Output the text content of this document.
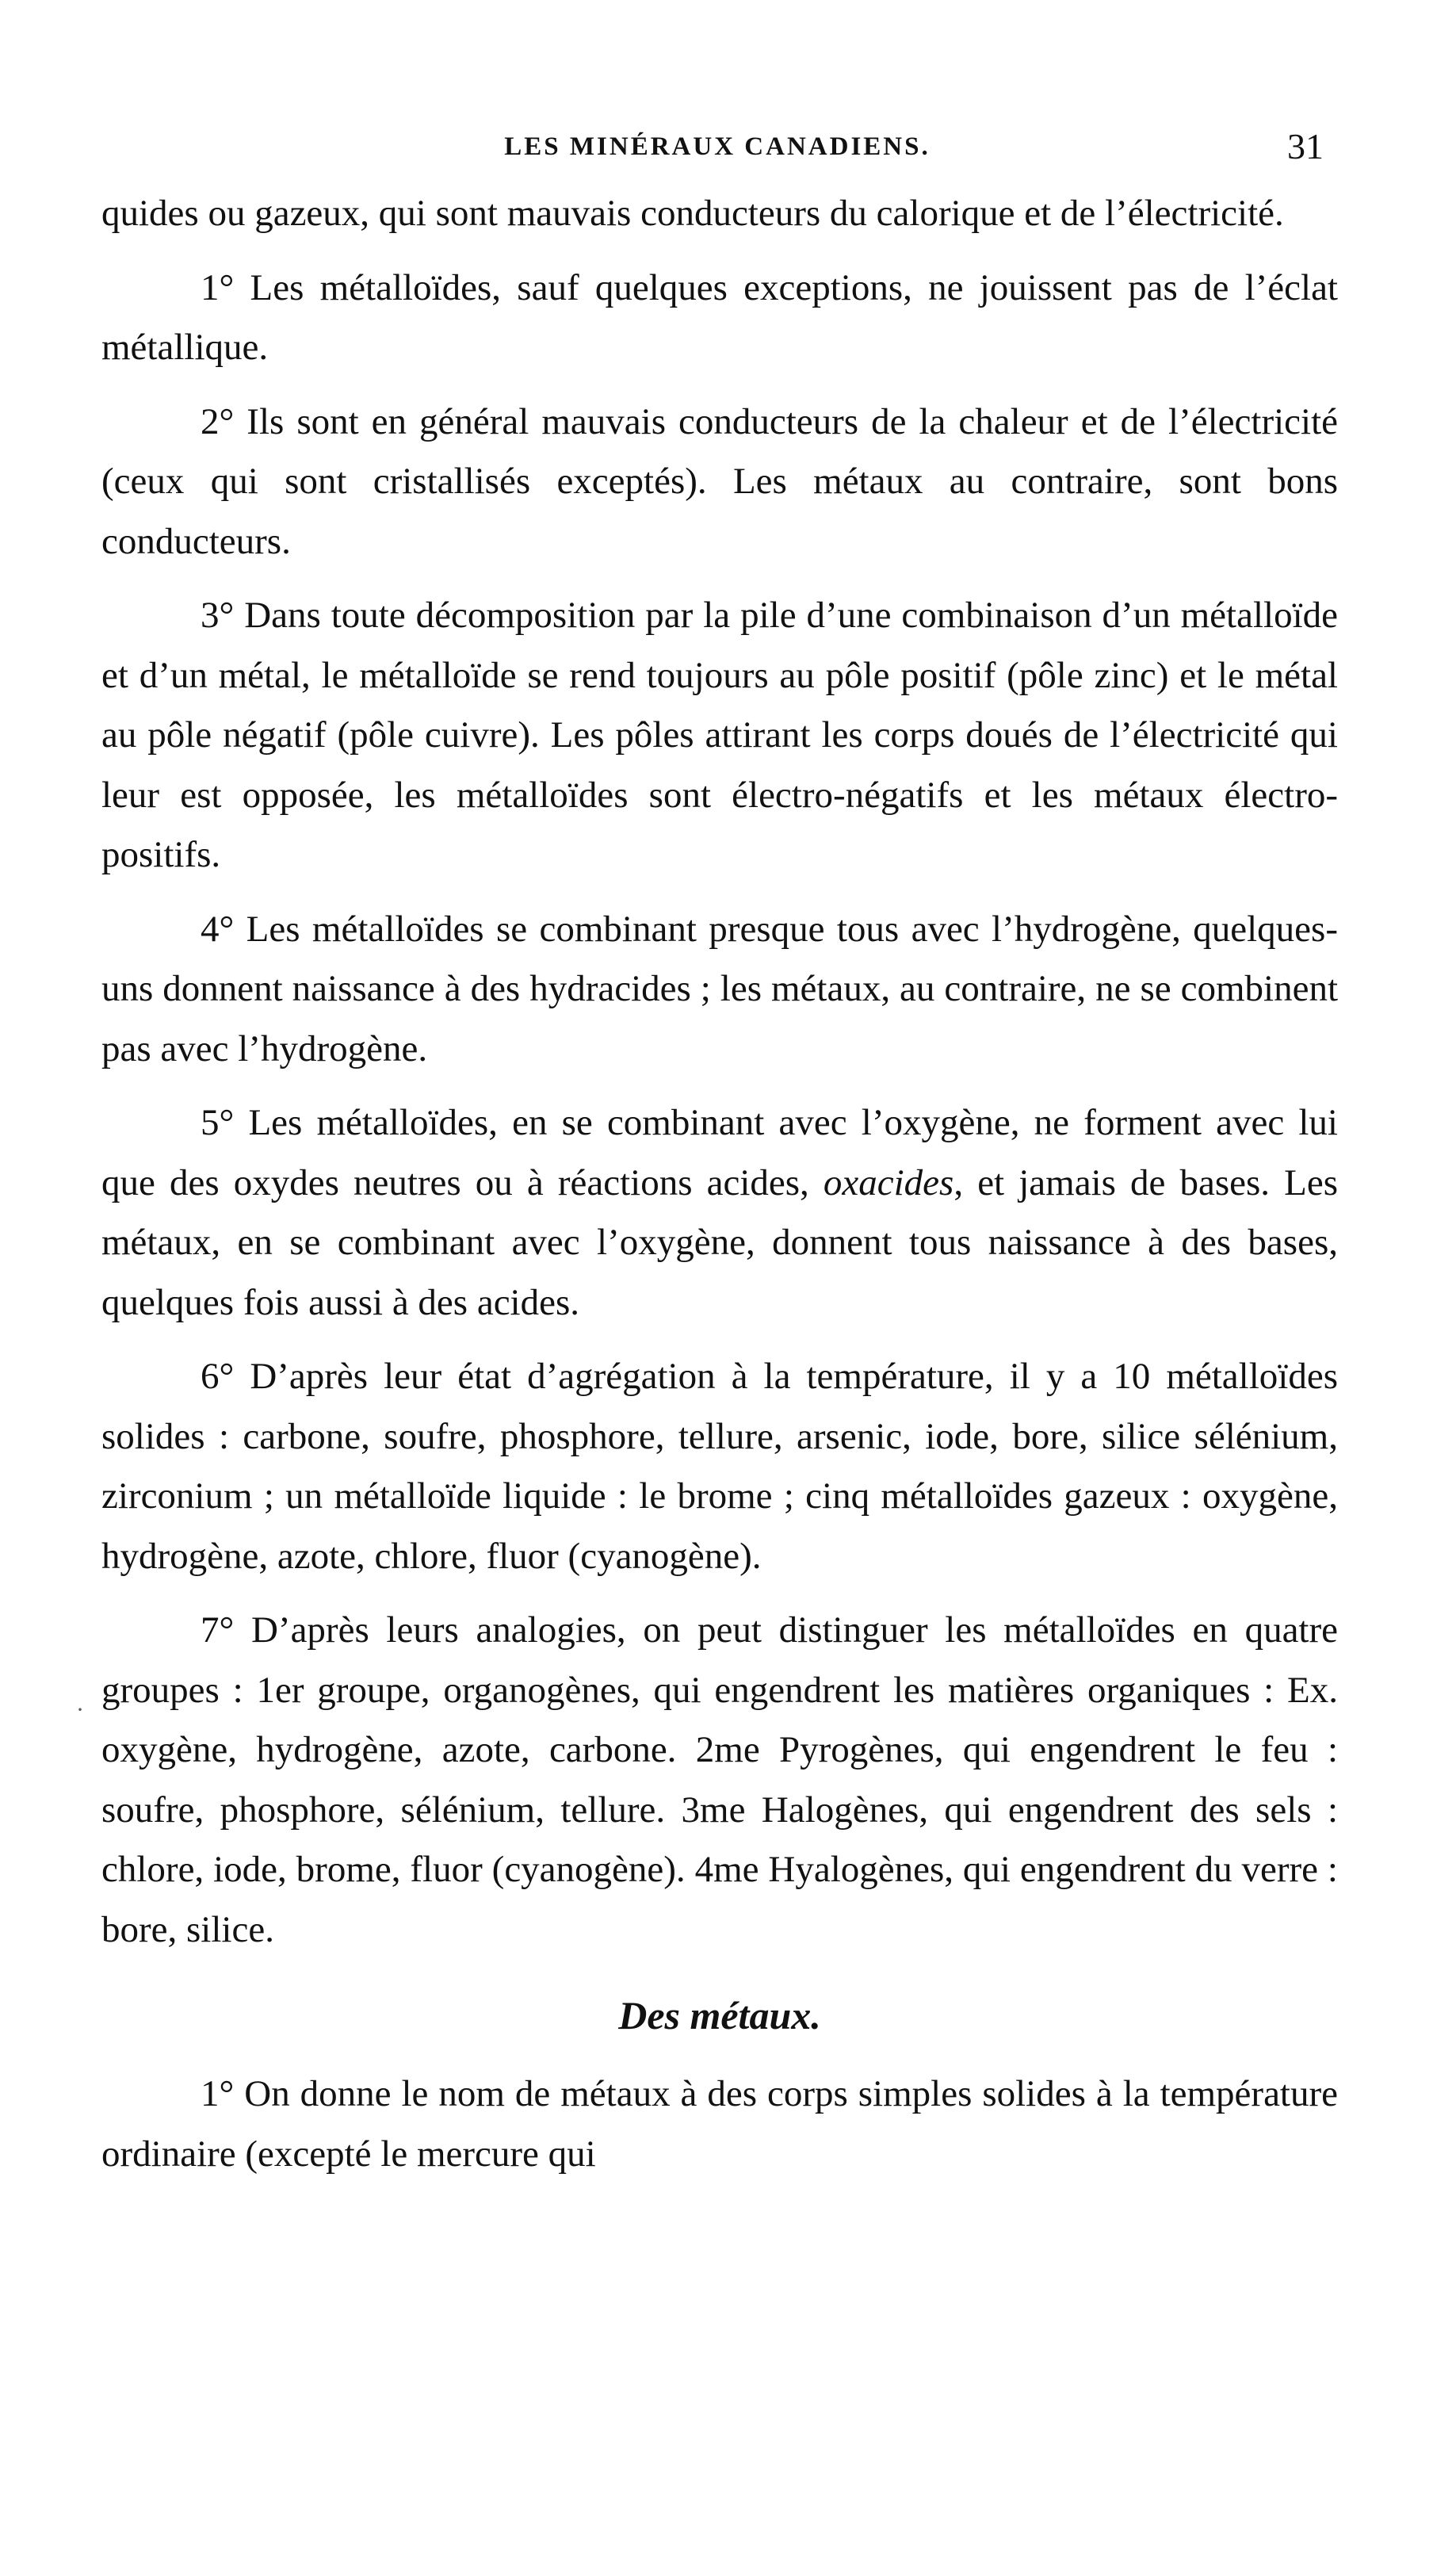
LES MINÉRAUX CANADIENS.	31

quides ou gazeux, qui sont mauvais conducteurs du calorique et de l’électricité.

1° Les métalloïdes, sauf quelques exceptions, ne jouissent pas de l’éclat métallique.

2° Ils sont en général mauvais conducteurs de la chaleur et de l’électricité (ceux qui sont cristallisés exceptés). Les métaux au contraire, sont bons conducteurs.

3° Dans toute décomposition par la pile d’une combinaison d’un métalloïde et d’un métal, le métalloïde se rend toujours au pôle positif (pôle zinc) et le métal au pôle négatif (pôle cuivre). Les pôles attirant les corps doués de l’électricité qui leur est opposée, les métalloïdes sont électro-négatifs et les métaux électro-positifs.

4° Les métalloïdes se combinant presque tous avec l’hydrogène, quelques-uns donnent naissance à des hydracides ; les métaux, au contraire, ne se combinent pas avec l’hydrogène.

5° Les métalloïdes, en se combinant avec l’oxygène, ne forment avec lui que des oxydes neutres ou à réactions acides, oxacides, et jamais de bases. Les métaux, en se combinant avec l’oxygène, donnent tous naissance à des bases, quelques fois aussi à des acides.

6° D’après leur état d’agrégation à la température, il y a 10 métalloïdes solides : carbone, soufre, phosphore, tellure, arsenic, iode, bore, silice sélénium, zirconium ; un métalloïde liquide : le brome ; cinq métalloïdes gazeux : oxygène, hydrogène, azote, chlore, fluor (cyanogène).

7° D’après leurs analogies, on peut distinguer les métalloïdes en quatre groupes : 1er groupe, organogènes, qui engendrent les matières organiques : Ex. oxygène, hydrogène, azote, carbone. 2me Pyrogènes, qui engendrent le feu : soufre, phosphore, sélénium, tellure. 3me Halogènes, qui engendrent des sels : chlore, iode, brome, fluor (cyanogène). 4me Hyalogènes, qui engendrent du verre : bore, silice.

Des métaux.

1° On donne le nom de métaux à des corps simples solides à la température ordinaire (excepté le mercure qui

·
